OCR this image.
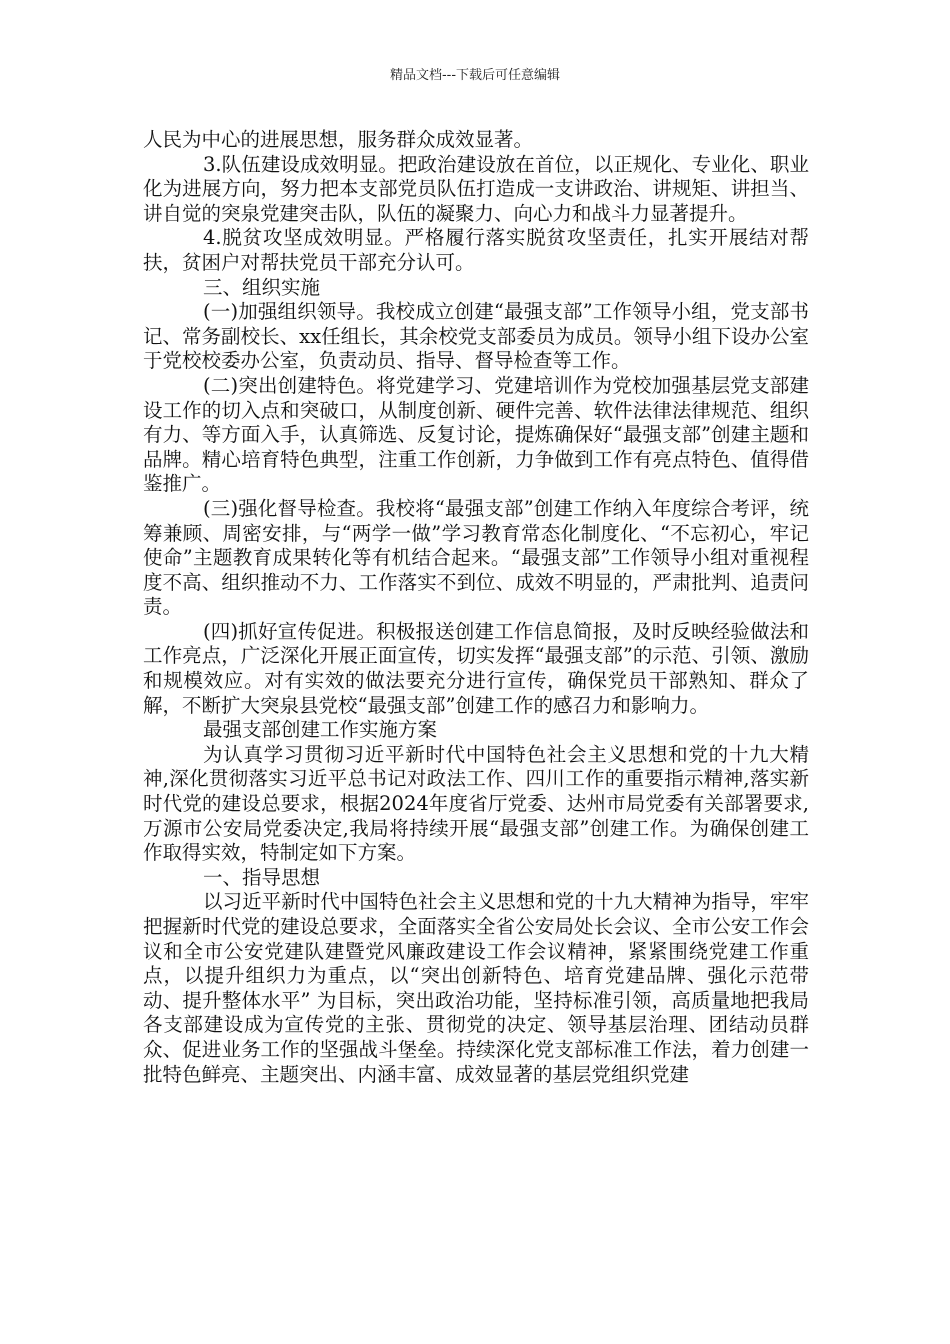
精品文档---下载后可任意编辑

人民为中心的进展思想，服务群众成效显著。

3.队伍建设成效明显。把政治建设放在首位，以正规化、专业化、职业化为进展方向，努力把本支部党员队伍打造成一支讲政治、讲规矩、讲担当、讲自觉的突泉党建突击队，队伍的凝聚力、向心力和战斗力显著提升。

4.脱贫攻坚成效明显。严格履行落实脱贫攻坚责任，扎实开展结对帮扶，贫困户对帮扶党员干部充分认可。

三、组织实施

(一)加强组织领导。我校成立创建“最强支部”工作领导小组，党支部书记、常务副校长、xx任组长，其余校党支部委员为成员。领导小组下设办公室于党校校委办公室，负责动员、指导、督导检查等工作。

(二)突出创建特色。将党建学习、党建培训作为党校加强基层党支部建设工作的切入点和突破口，从制度创新、硬件完善、软件法律法律规范、组织有力、等方面入手，认真筛选、反复讨论，提炼确保好“最强支部”创建主题和品牌。精心培育特色典型，注重工作创新，力争做到工作有亮点特色、值得借鉴推广。

(三)强化督导检查。我校将“最强支部”创建工作纳入年度综合考评，统筹兼顾、周密安排，与“两学一做”学习教育常态化制度化、“不忘初心，牢记使命”主题教育成果转化等有机结合起来。“最强支部”工作领导小组对重视程度不高、组织推动不力、工作落实不到位、成效不明显的，严肃批判、追责问责。

(四)抓好宣传促进。积极报送创建工作信息简报，及时反映经验做法和工作亮点，广泛深化开展正面宣传，切实发挥“最强支部”的示范、引领、激励和规模效应。对有实效的做法要充分进行宣传，确保党员干部熟知、群众了解，不断扩大突泉县党校“最强支部”创建工作的感召力和影响力。

最强支部创建工作实施方案

为认真学习贯彻习近平新时代中国特色社会主义思想和党的十九大精神,深化贯彻落实习近平总书记对政法工作、四川工作的重要指示精神,落实新时代党的建设总要求，根据2024年度省厅党委、达州市局党委有关部署要求,万源市公安局党委决定,我局将持续开展“最强支部”创建工作。为确保创建工作取得实效，特制定如下方案。

一、指导思想

以习近平新时代中国特色社会主义思想和党的十九大精神为指导，牢牢把握新时代党的建设总要求，全面落实全省公安局处长会议、全市公安工作会议和全市公安党建队建暨党风廉政建设工作会议精神，紧紧围绕党建工作重点，以提升组织力为重点，以“突出创新特色、培育党建品牌、强化示范带动、提升整体水平” 为目标，突出政治功能，坚持标准引领，高质量地把我局各支部建设成为宣传党的主张、贯彻党的决定、领导基层治理、团结动员群众、促进业务工作的坚强战斗堡垒。持续深化党支部标准工作法，着力创建一批特色鲜亮、主题突出、内涵丰富、成效显著的基层党组织党建
